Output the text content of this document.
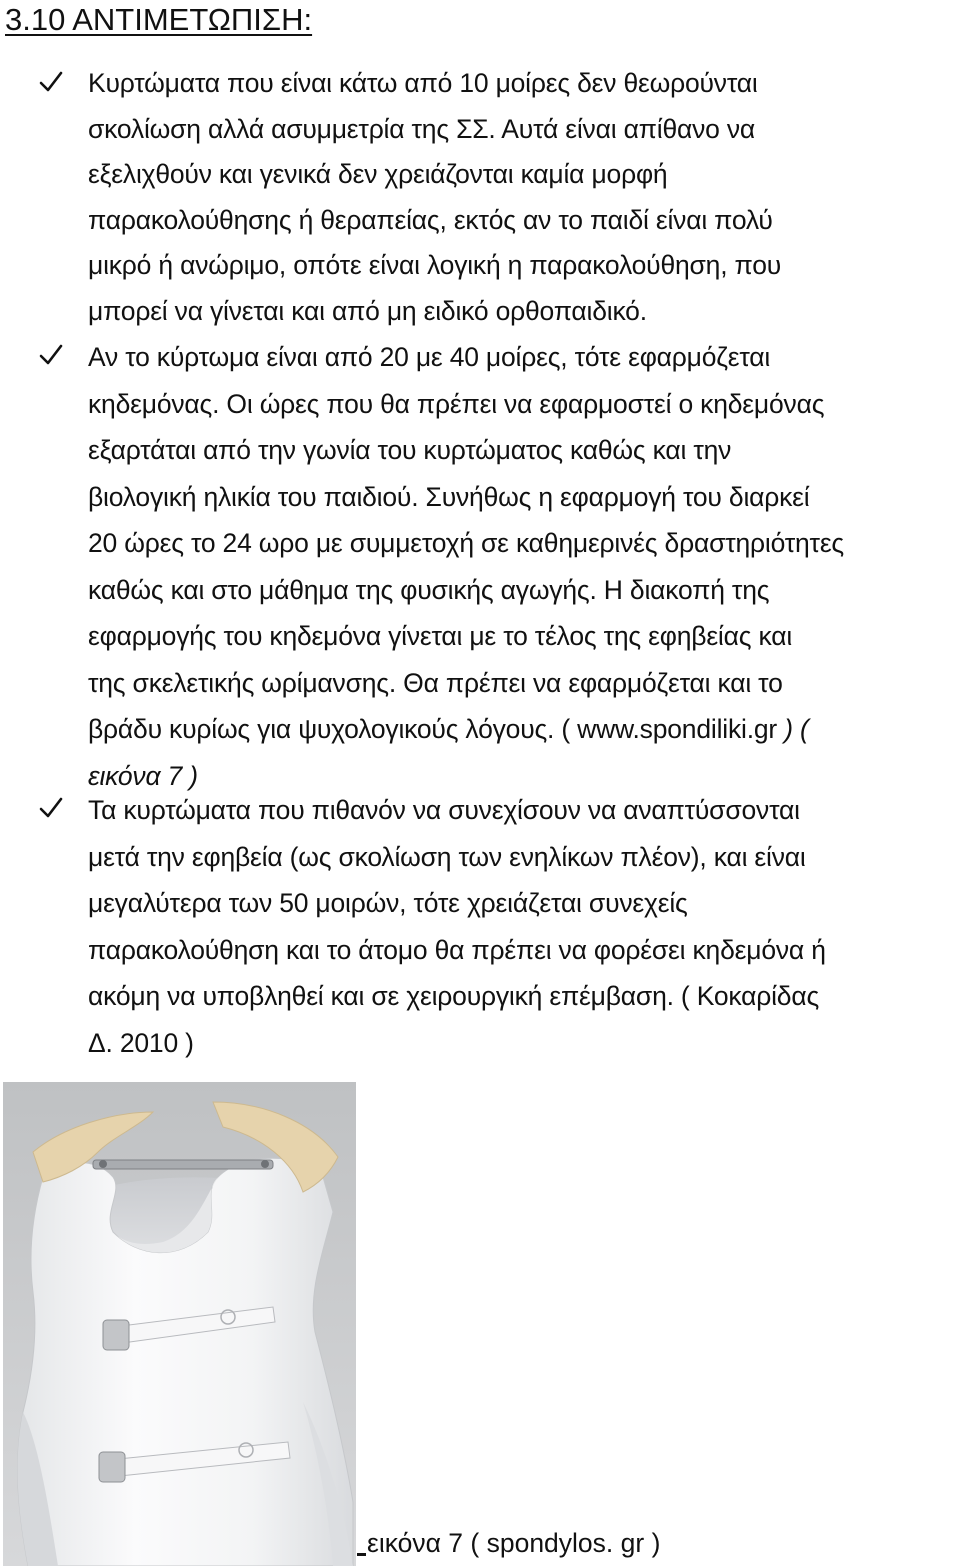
3.10 ΑΝΤΙΜΕΤΩΠΙΣΗ:
Κυρτώματα που είναι κάτω από 10 μοίρες δεν θεωρούνται
σκολίωση αλλά ασυμμετρία της ΣΣ. Αυτά είναι απίθανο να
εξελιχθούν και γενικά δεν χρειάζονται καμία μορφή
παρακολούθησης ή θεραπείας, εκτός αν το παιδί είναι πολύ
μικρό ή ανώριμο, οπότε είναι λογική η παρακολούθηση, που
μπορεί να γίνεται και από μη ειδικό ορθοπαιδικό.
Αν το κύρτωμα είναι από 20 με 40 μοίρες, τότε εφαρμόζεται
κηδεμόνας. Οι ώρες που θα πρέπει να εφαρμοστεί ο κηδεμόνας
εξαρτάται από την γωνία του κυρτώματος καθώς και την
βιολογική ηλικία του παιδιού. Συνήθως η εφαρμογή του διαρκεί
20 ώρες το 24 ωρο με συμμετοχή σε καθημερινές δραστηριότητες
καθώς και στο μάθημα της φυσικής αγωγής. Η διακοπή της
εφαρμογής του κηδεμόνα γίνεται με το τέλος της εφηβείας και
της σκελετικής ωρίμανσης. Θα πρέπει να εφαρμόζεται και το
βράδυ κυρίως για ψυχολογικούς λόγους. ( www.spondiliki.gr ) (
εικόνα 7 )
Τα κυρτώματα που πιθανόν να συνεχίσουν να αναπτύσσονται
μετά την εφηβεία (ως σκολίωση των ενηλίκων πλέον), και είναι
μεγαλύτερα των 50 μοιρών, τότε χρειάζεται συνεχείς
παρακολούθηση και το άτομο θα πρέπει να φορέσει κηδεμόνα ή
ακόμη να υποβληθεί και σε χειρουργική επέμβαση. ( Κοκαρίδας
Δ. 2010 )
εικόνα 7 ( spondylos. gr )
